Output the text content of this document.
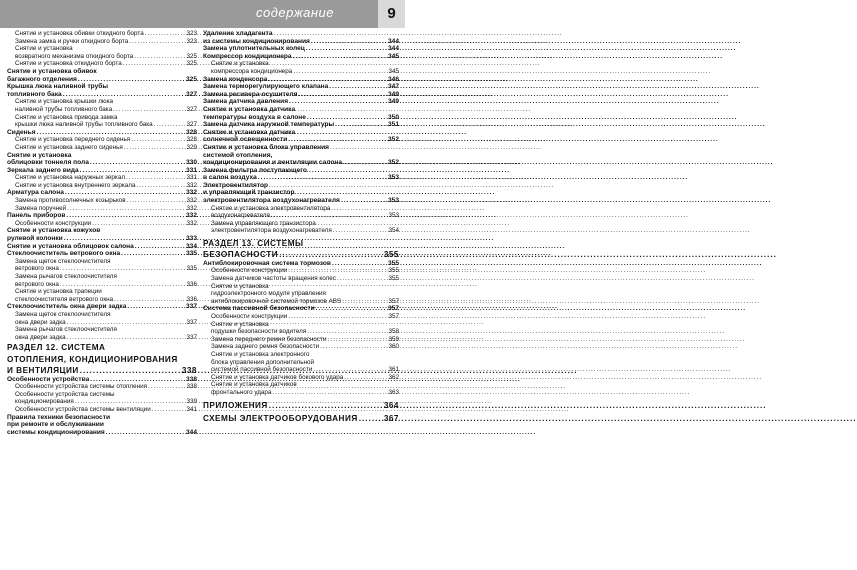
содержание	9
Снятие и установка обивки откидного борта .....	323
Замена замка и ручки откидного борта .....	323
Снятие и установка
возвратного механизма откидного борта .....	325
Снятие и установка откидного борта .....	325
Снятие и установка обивок
багажного отделения .....	325
Крышка люка наливной трубы
топливного бака .....	327
Снятие и установка крышки люка
наливной трубы топливного бака .....	327
Снятие и установка привода замка
крышки люка наливной трубы топливного бака .....	327
Сиденья .....	328
Снятие и установка переднего сиденья .....	328
Снятие и установка заднего сиденья .....	329
Снятие и установка
облицовки тоннеля пола .....	330
Зеркала заднего вида .....	331
Снятие и установка наружных зеркал .....	331
Снятие и установка внутреннего зеркала .....	332
Арматура салона .....	332
Замена противосолнечных козырьков .....	332
Замена поручней .....	332
Панель приборов .....	332
Особенности конструкции .....	332
Снятие и установка кожухов
рулевой колонки .....	333
Снятие и установка облицовок салона .....	334
Стеклоочиститель ветрового окна .....	335
Замена щеток стеклоочистителя
ветрового окна .....	335
Замена рычагов стеклоочистителя
ветрового окна .....	336
Снятие и установка трапеции
стеклоочистителя ветрового окна .....	336
Стеклоочиститель окна двери задка .....	337
Замена щеток стеклоочистителя
окна двери задка .....	337
Замена рычагов стеклоочистителя
окна двери задка .....	337
РАЗДЕЛ 12. СИСТЕМА
ОТОПЛЕНИЯ, КОНДИЦИОНИРОВАНИЯ
И ВЕНТИЛЯЦИИ .....	338
Особенности устройства .....	338
Особенности устройства системы отопления .....	338
Особенности устройства системы
кондиционирования .....	339
Особенности устройства системы вентиляции .....	341
Правила техники безопасности
при ремонте и обслуживании
системы кондиционирования .....	344
Удаление хладагента
из системы кондиционирования .....	344
Замена уплотнительных колец .....	344
Компрессор кондиционера .....	345
Снятие и установка
компрессора кондиционера .....	345
Замена конденсора .....	346
Замена терморегулирующего клапана .....	347
Замена ресивера-осушителя .....	349
Замена датчика давления .....	349
Снятие и установка датчика
температуры воздуха в салоне .....	350
Замена датчика наружной температуры .....	351
Снятие и установка датчика
солнечной освещенности .....	352
Снятие и установка блока управления
системой отопления,
кондиционирования и вентиляции салона .....	352
Замена фильтра поступающего
в салон воздуха .....	353
Электровентилятор
и управляющий транзистор
электровентилятора воздухонагревателя .....	353
Снятие и установка электровентилятора
воздухонагревателя .....	353
Замена управляющего транзистора
электровентилятора воздухонагревателя .....	354
РАЗДЕЛ 13. СИСТЕМЫ
БЕЗОПАСНОСТИ .....	355
Антиблокировочная система тормозов .....	355
Особенности конструкции .....	355
Замена датчиков частоты вращения колес .....	355
Снятие и установка
гидроэлектронного модуля управления
антиблокировочной системой тормозов ABS .....	357
Система пассивной безопасности .....	357
Особенности конструкции .....	357
Снятие и установка
подушки безопасности водителя .....	358
Замена переднего ремня безопасности .....	359
Замена заднего ремня безопасности .....	360
Снятие и установка электронного
блока управления дополнительной
системой пассивной безопасности .....	361
Снятие и установка датчиков бокового удара .....	362
Снятие и установка датчиков
фронтального удара .....	363
ПРИЛОЖЕНИЯ .....	364
СХЕМЫ ЭЛЕКТРООБОРУДОВАНИЯ .....	367
